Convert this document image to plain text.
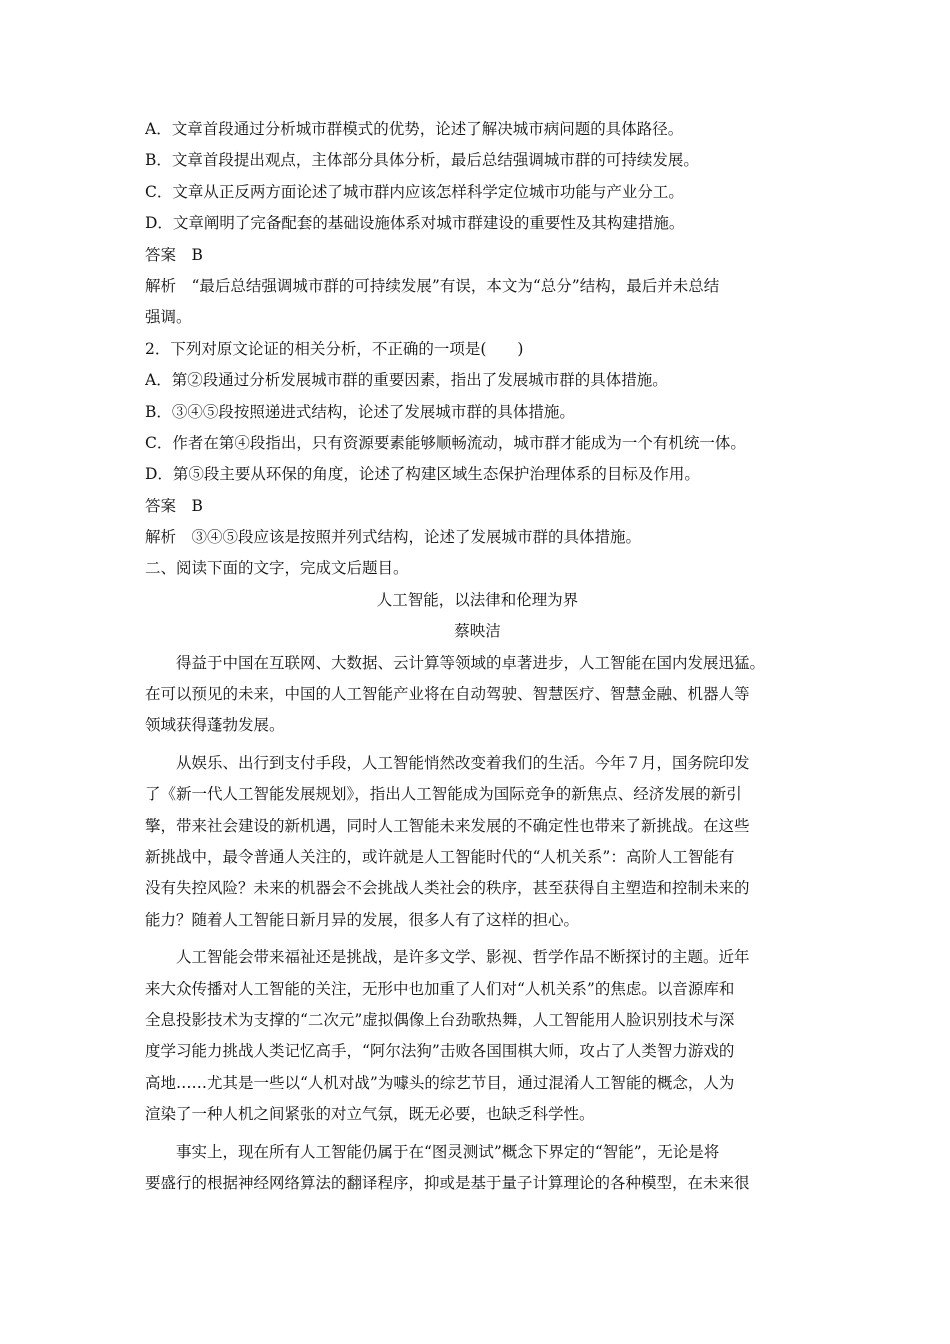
A．文章首段通过分析城市群模式的优势，论述了解决城市病问题的具体路径。
B．文章首段提出观点，主体部分具体分析，最后总结强调城市群的可持续发展。
C．文章从正反两方面论述了城市群内应该怎样科学定位城市功能与产业分工。
D．文章阐明了完备配套的基础设施体系对城市群建设的重要性及其构建措施。
答案　B
解析　“最后总结强调城市群的可持续发展”有误，本文为“总分”结构，最后并未总结
强调。
2．下列对原文论证的相关分析，不正确的一项是(　　)
A．第②段通过分析发展城市群的重要因素，指出了发展城市群的具体措施。
B．③④⑤段按照递进式结构，论述了发展城市群的具体措施。
C．作者在第④段指出，只有资源要素能够顺畅流动，城市群才能成为一个有机统一体。
D．第⑤段主要从环保的角度，论述了构建区域生态保护治理体系的目标及作用。
答案　B
解析　③④⑤段应该是按照并列式结构，论述了发展城市群的具体措施。
二、阅读下面的文字，完成文后题目。
人工智能，以法律和伦理为界
蔡映洁
得益于中国在互联网、大数据、云计算等领域的卓著进步，人工智能在国内发展迅猛。
在可以预见的未来，中国的人工智能产业将在自动驾驶、智慧医疗、智慧金融、机器人等
领域获得蓬勃发展。
从娱乐、出行到支付手段，人工智能悄然改变着我们的生活。今年７月，国务院印发
了《新一代人工智能发展规划》，指出人工智能成为国际竞争的新焦点、经济发展的新引
擎，带来社会建设的新机遇，同时人工智能未来发展的不确定性也带来了新挑战。在这些
新挑战中，最令普通人关注的，或许就是人工智能时代的“人机关系”：高阶人工智能有
没有失控风险？未来的机器会不会挑战人类社会的秩序，甚至获得自主塑造和控制未来的
能力？随着人工智能日新月异的发展，很多人有了这样的担心。
人工智能会带来福祉还是挑战，是许多文学、影视、哲学作品不断探讨的主题。近年
来大众传播对人工智能的关注，无形中也加重了人们对“人机关系”的焦虑。以音源库和
全息投影技术为支撑的“二次元”虚拟偶像上台劲歌热舞，人工智能用人脸识别技术与深
度学习能力挑战人类记忆高手，“阿尔法狗”击败各国围棋大师，攻占了人类智力游戏的
高地……尤其是一些以“人机对战”为噱头的综艺节目，通过混淆人工智能的概念，人为
渲染了一种人机之间紧张的对立气氛，既无必要，也缺乏科学性。
事实上，现在所有人工智能仍属于在“图灵测试”概念下界定的“智能”，无论是将
要盛行的根据神经网络算法的翻译程序，抑或是基于量子计算理论的各种模型，在未来很
